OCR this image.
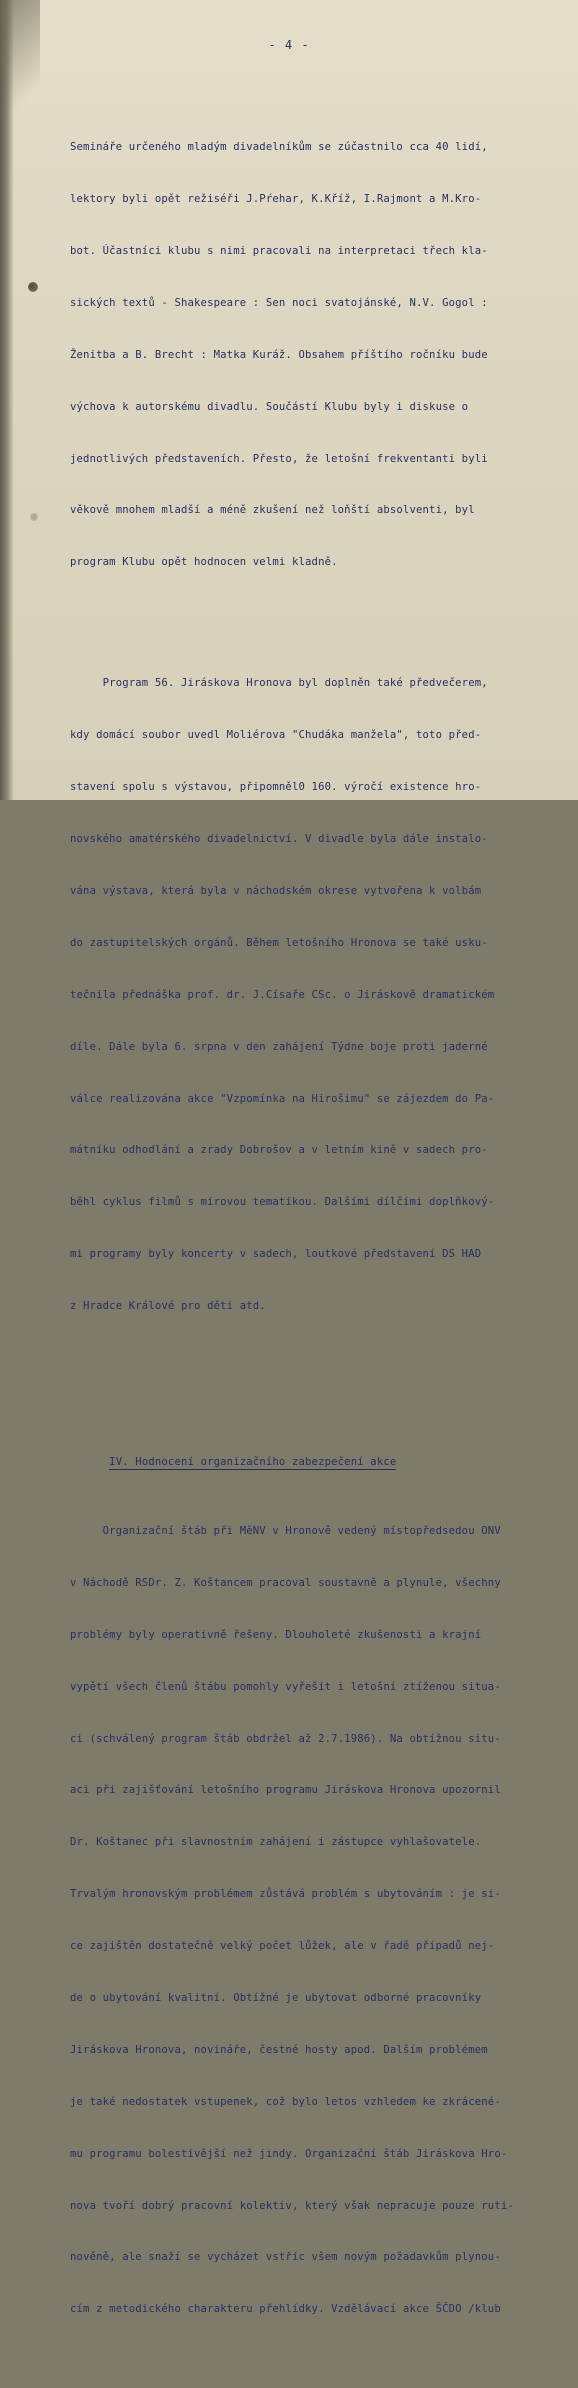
- 4 -

Semináře určeného mladým divadelníkům se zúčastnilo cca 40 lidí,

lektory byli opět režiséři J.Pŕehar, K.Kříž, I.Rajmont a M.Kro-

bot. Účastníci klubu s nimi pracovali na interpretaci třech kla-

sických textů - Shakespeare : Sen noci svatojánské, N.V. Gogol :

Ženitba a B. Brecht : Matka Kuráž. Obsahem příštího ročníku bude

výchova k autorskému divadlu. Součástí Klubu byly i diskuse o

jednotlivých představeních. Přesto, že letošní frekventanti byli

věkově mnohem mladší a méně zkušení než loňští absolventi, byl

program Klubu opět hodnocen velmi kladně.

Program 56. Jiráskova Hronova byl doplněn také předvečerem,

kdy domácí soubor uvedl Moliérova "Chudáka manžela", toto před-

stavení spolu s výstavou, připomněl0 160. výročí existence hro-

novského amatérského divadelnictví. V divadle byla dále instalo-

vána výstava, která byla v náchodském okrese vytvořena k volbám

do zastupitelských orgánů. Během letošního Hronova se také usku-

tečnila přednáška prof. dr. J.Císaře CSc. o Jiráskově dramatickém

díle. Dále byla 6. srpna v den zahájení Týdne boje proti jaderné

válce realizována akce "Vzpomínka na Hirošimu" se zájezdem do Pa-

mátníku odhodlání a zrady Dobrošov a v letním kině v sadech pro-

běhl cyklus filmů s mírovou tematikou. Dalšími dílčími doplňkový-

mi programy byly koncerty v sadech, loutkové představení DS HAD

z Hradce Králové pro děti atd.

IV. Hodnocení organizačního zabezpečení akce

Organizační štáb při MěNV v Hronově vedený místopředsedou ONV

v Náchodě RSDr. Z. Koštancem pracoval soustavně a plynule, všechny

problémy byly operativně řešeny. Dlouholeté zkušenosti a krajní

vypětí všech členů štábu pomohly vyřešit i letošní ztíženou situa-

ci (schválený program štáb obdržel až 2.7.1986). Na obtížnou situ-

aci při zajišťování letošního programu Jiráskova Hronova upozornil

Dr. Koštanec při slavnostním zahájení i zástupce vyhlašovatele.

Trvalým hronovským problémem zůstává problém s ubytováním : je si-

ce zajištěn dostatečně velký počet lůžek, ale v řadě případů nej-

de o ubytování kvalitní. Obtížné je ubytovat odborné pracovníky

Jiráskova Hronova, novináře, čestné hosty apod. Dalším problémem

je také nedostatek vstupenek, což bylo letos vzhledem ke zkrácené-

mu programu bolestivější než jindy. Organizační štáb Jiráskova Hro-

nova tvoří dobrý pracovní kolektiv, který však nepracuje pouze ruti-

nověně, ale snaží se vycházet vstříc všem novým požadavkům plynou-

cím z metodického charakteru přehlídky. Vzdělávací akce ŠČDO /klub
